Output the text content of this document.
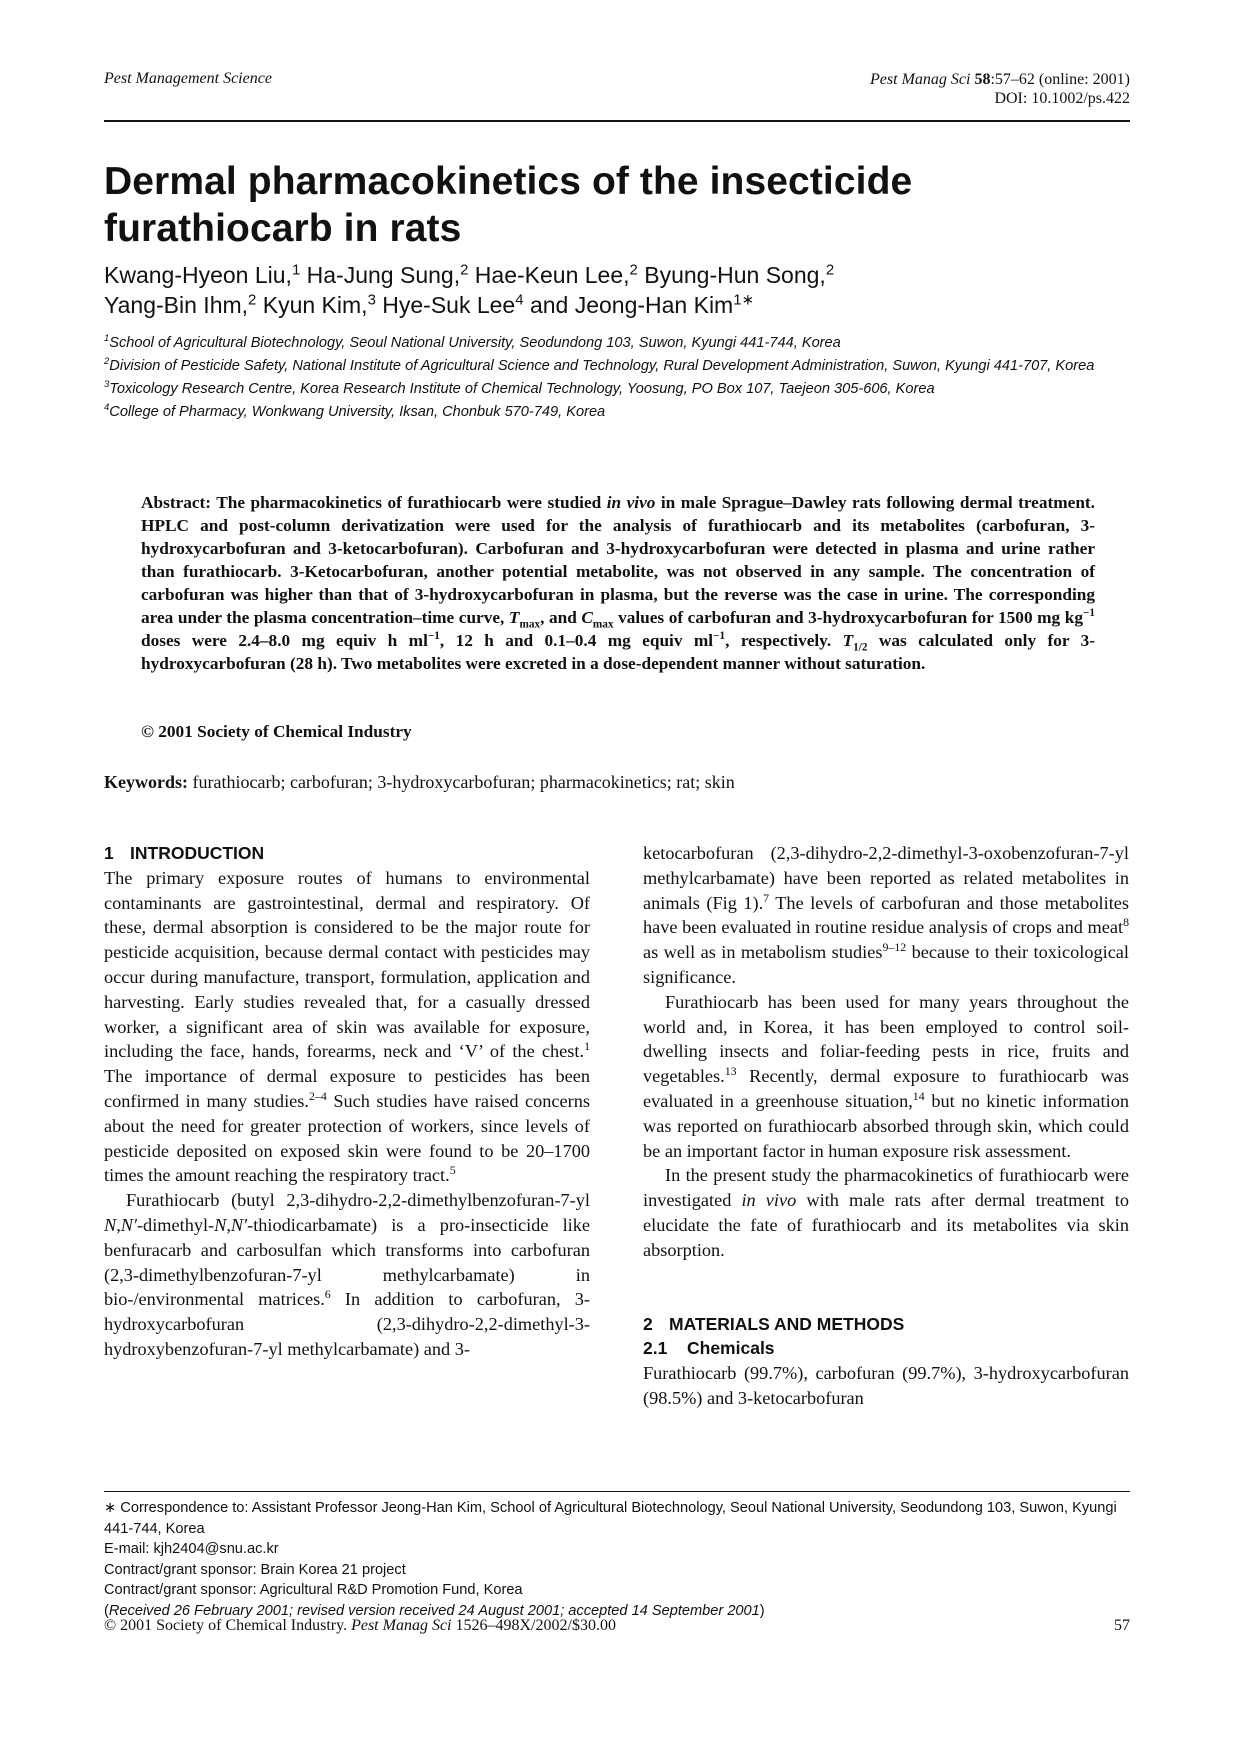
Pest Management Science	Pest Manag Sci 58:57–62 (online: 2001)
DOI: 10.1002/ps.422
Dermal pharmacokinetics of the insecticide furathiocarb in rats
Kwang-Hyeon Liu,$^1$ Ha-Jung Sung,$^2$ Hae-Keun Lee,$^2$ Byung-Hun Song,$^2$
Yang-Bin Ihm,$^2$ Kyun Kim,$^3$ Hye-Suk Lee$^4$ and Jeong-Han Kim$^{1∗}$
$^1$School of Agricultural Biotechnology, Seoul National University, Seodundong 103, Suwon, Kyungi 441-744, Korea
$^2$Division of Pesticide Safety, National Institute of Agricultural Science and Technology, Rural Development Administration, Suwon, Kyungi 441-707, Korea
$^3$Toxicology Research Centre, Korea Research Institute of Chemical Technology, Yoosung, PO Box 107, Taejeon 305-606, Korea
$^4$College of Pharmacy, Wonkwang University, Iksan, Chonbuk 570-749, Korea
Abstract: The pharmacokinetics of furathiocarb were studied in vivo in male Sprague–Dawley rats following dermal treatment. HPLC and post-column derivatization were used for the analysis of furathiocarb and its metabolites (carbofuran, 3-hydroxycarbofuran and 3-ketocarbofuran). Carbofuran and 3-hydroxycarbofuran were detected in plasma and urine rather than furathiocarb. 3-Ketocarbofuran, another potential metabolite, was not observed in any sample. The concentration of carbofuran was higher than that of 3-hydroxycarbofuran in plasma, but the reverse was the case in urine. The corresponding area under the plasma concentration–time curve, $T_{max}$, and $C_{max}$ values of carbofuran and 3-hydroxycarbofuran for 1500 mg $kg^{-1}$ doses were 2.4–8.0 mg equiv h $ml^{-1}$, 12 h and 0.1–0.4 mg equiv $ml^{-1}$, respectively. $T_{1/2}$ was calculated only for 3-hydroxycarbofuran (28 h). Two metabolites were excreted in a dose-dependent manner without saturation.
© 2001 Society of Chemical Industry
Keywords: furathiocarb; carbofuran; 3-hydroxycarbofuran; pharmacokinetics; rat; skin
1 INTRODUCTION

The primary exposure routes of humans to environmental contaminants are gastrointestinal, dermal and respiratory. Of these, dermal absorption is considered to be the major route for pesticide acquisition, because dermal contact with pesticides may occur during manufacture, transport, formulation, application and harvesting. Early studies revealed that, for a casually dressed worker, a significant area of skin was available for exposure, including the face, hands, forearms, neck and ‘V’ of the chest.$^1$ The importance of dermal exposure to pesticides has been confirmed in many studies.$^{2-4}$ Such studies have raised concerns about the need for greater protection of workers, since levels of pesticide deposited on exposed skin were found to be 20–1700 times the amount reaching the respiratory tract.$^5$

Furathiocarb (butyl 2,3-dihydro-2,2-dimethylbenzofuran-7-yl N,N′-dimethyl-N,N′-thiodicarbamate) is a pro-insecticide like benfuracarb and carbosulfan which transforms into carbofuran (2,3-dimethylbenzofuran-7-yl methylcarbamate) in bio-/environmental matrices.$^6$ In addition to carbofuran, 3-hydroxycarbofuran (2,3-dihydro-2,2-dimethyl-3-hydroxybenzofuran-7-yl methylcarbamate) and 3-

ketocarbofuran (2,3-dihydro-2,2-dimethyl-3-oxobenzofuran-7-yl methylcarbamate) have been reported as related metabolites in animals (Fig 1).$^7$ The levels of carbofuran and those metabolites have been evaluated in routine residue analysis of crops and meat$^8$ as well as in metabolism studies$^{9-12}$ because to their toxicological significance.

Furathiocarb has been used for many years throughout the world and, in Korea, it has been employed to control soil-dwelling insects and foliar-feeding pests in rice, fruits and vegetables.$^{13}$ Recently, dermal exposure to furathiocarb was evaluated in a greenhouse situation,$^{14}$ but no kinetic information was reported on furathiocarb absorbed through skin, which could be an important factor in human exposure risk assessment.

In the present study the pharmacokinetics of furathiocarb were investigated in vivo with male rats after dermal treatment to elucidate the fate of furathiocarb and its metabolites via skin absorption.

2 MATERIALS AND METHODS
2.1 Chemicals

Furathiocarb (99.7%), carbofuran (99.7%), 3-hydroxycarbofuran (98.5%) and 3-ketocarbofuran

∗ Correspondence to: Assistant Professor Jeong-Han Kim, School of Agricultural Biotechnology, Seoul National University, Seodundong 103, Suwon, Kyungi 441-744, Korea
E-mail: kjh2404@snu.ac.kr
Contract/grant sponsor: Brain Korea 21 project
Contract/grant sponsor: Agricultural R&D Promotion Fund, Korea
(Received 26 February 2001; revised version received 24 August 2001; accepted 14 September 2001)
© 2001 Society of Chemical Industry. Pest Manag Sci 1526–498X/2002/$30.00	57
